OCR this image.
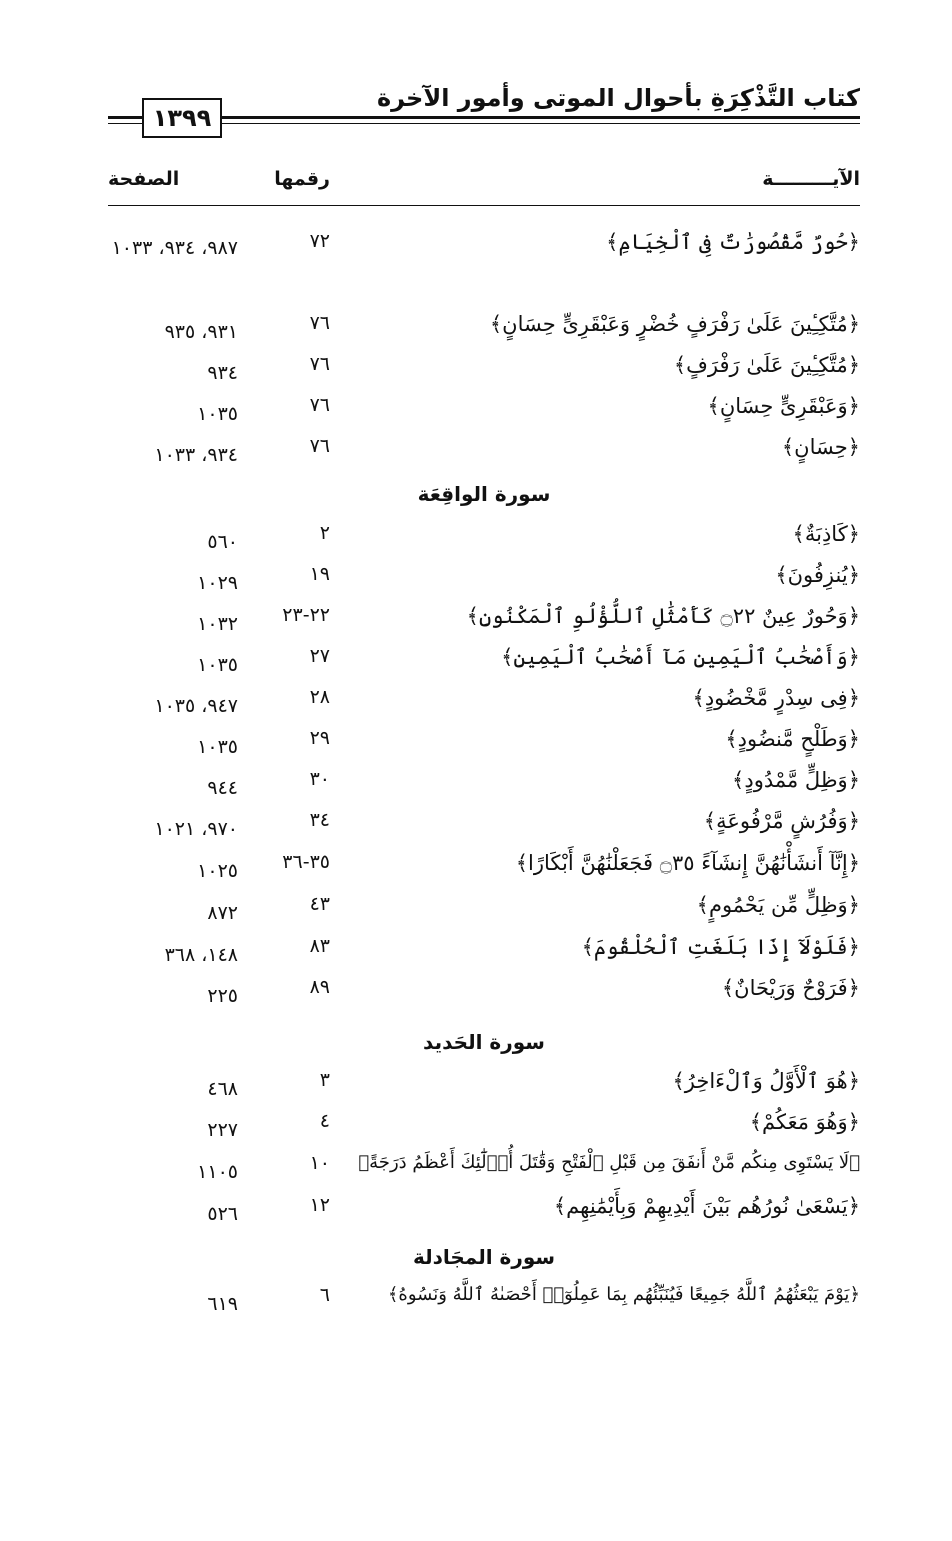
كتاب التَّذْكِرَةِ بأحوال الموتى وأمور الآخرة
١٣٩٩
الآيـــــــــة
رقمها
الصفحة
﴿حُورٌ مَّقْصُورَٰتٌ فِى ٱلْخِيَامِ﴾
٧٢
٩٨٧، ٩٣٤، ١٠٣٣
﴿مُتَّكِـِٔينَ عَلَىٰ رَفْرَفٍ خُضْرٍ وَعَبْقَرِىٍّ حِسَانٍ﴾
٧٦
٩٣١، ٩٣٥
﴿مُتَّكِـِٔينَ عَلَىٰ رَفْرَفٍ﴾
٧٦
٩٣٤
﴿وَعَبْقَرِىٍّ حِسَانٍ﴾
٧٦
١٠٣٥
﴿حِسَانٍ﴾
٧٦
٩٣٤، ١٠٣٣
سورة الواقِعَة
﴿كَاذِبَةٌ﴾
٢
٥٦٠
﴿يُنزِفُونَ﴾
١٩
١٠٢٩
﴿وَحُورٌ عِينٌ ۝٢٢ كَأَمْثَٰلِ ٱللُّؤْلُوِ ٱلْمَكْنُونِ﴾
٢٢-٢٣
١٠٣٢
﴿وَأَصْحَٰبُ ٱلْيَمِينِ مَآ أَصْحَٰبُ ٱلْيَمِينِ﴾
٢٧
١٠٣٥
﴿فِى سِدْرٍ مَّخْضُودٍ﴾
٢٨
٩٤٧، ١٠٣٥
﴿وَطَلْحٍ مَّنضُودٍ﴾
٢٩
١٠٣٥
﴿وَظِلٍّ مَّمْدُودٍ﴾
٣٠
٩٤٤
﴿وَفُرُشٍ مَّرْفُوعَةٍ﴾
٣٤
٩٧٠، ١٠٢١
﴿إِنَّآ أَنشَأْنَٰهُنَّ إِنشَآءً ۝٣٥ فَجَعَلْنَٰهُنَّ أَبْكَارًا﴾
٣٥-٣٦
١٠٢٥
﴿وَظِلٍّ مِّن يَحْمُومٍ﴾
٤٣
٨٧٢
﴿فَلَوْلَآ إِذَا بَلَغَتِ ٱلْحُلْقُومَ﴾
٨٣
١٤٨، ٣٦٨
﴿فَرَوْحٌ وَرَيْحَانٌ﴾
٨٩
٢٢٥
سورة الحَديد
﴿هُوَ ٱلْأَوَّلُ وَٱلْءَاخِرُ﴾
٣
٤٦٨
﴿وَهُوَ مَعَكُمْ﴾
٤
٢٢٧
﴿لَا يَسْتَوِى مِنكُم مَّنْ أَنفَقَ مِن قَبْلِ ٱلْفَتْحِ وَقَٰتَلَ أُو۟لَٰٓئِكَ أَعْظَمُ دَرَجَةً﴾
١٠
١١٠٥
﴿يَسْعَىٰ نُورُهُم بَيْنَ أَيْدِيهِمْ وَبِأَيْمَٰنِهِم﴾
١٢
٥٢٦
سورة المجَادلة
﴿يَوْمَ يَبْعَثُهُمُ ٱللَّهُ جَمِيعًا فَيُنَبِّئُهُم بِمَا عَمِلُوٓا۟ أَحْصَىٰهُ ٱللَّهُ وَنَسُوهُ﴾
٦
٦١٩
